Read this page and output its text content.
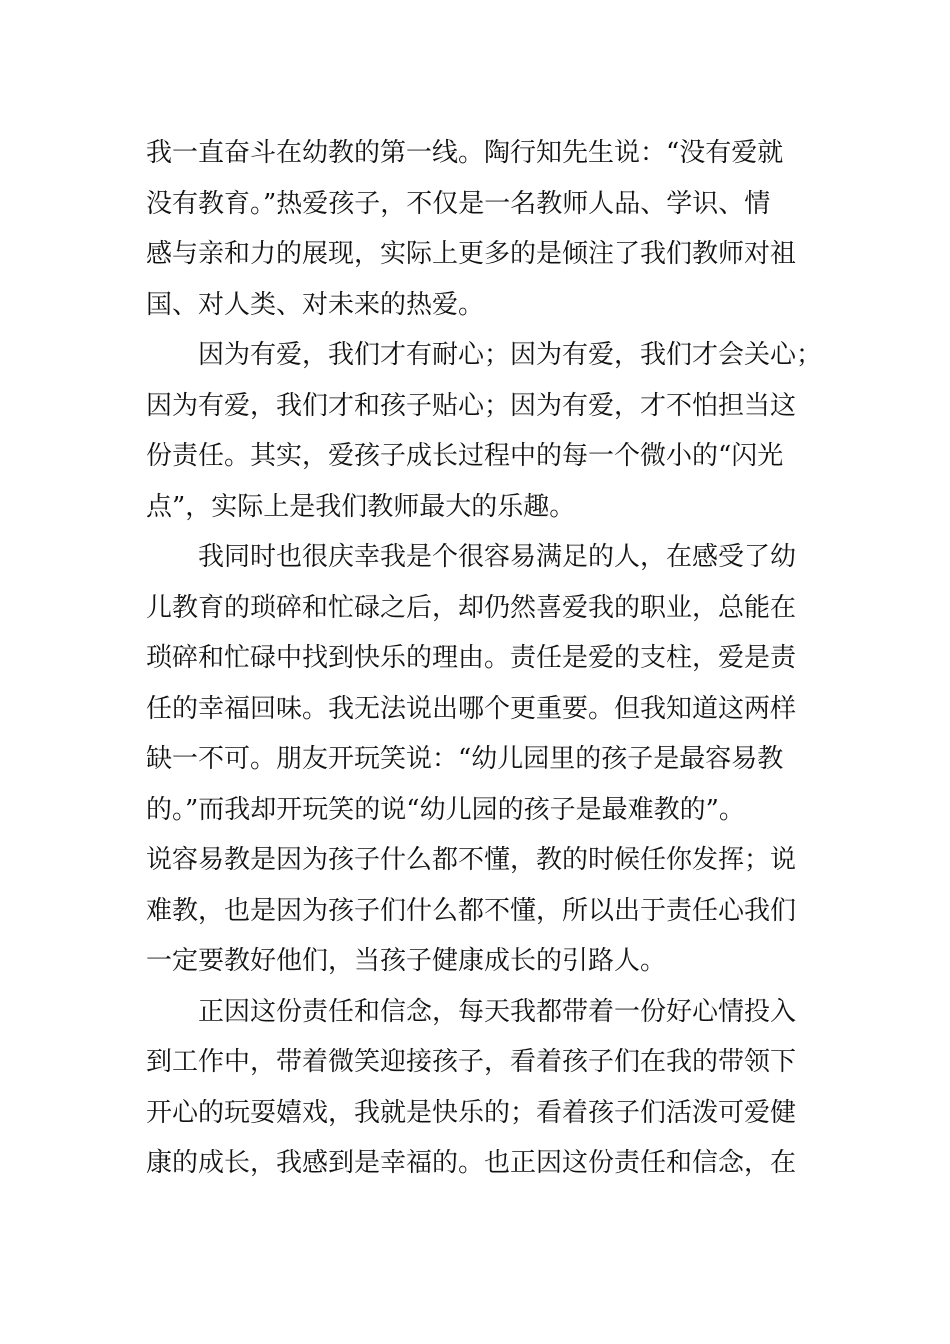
我一直奋斗在幼教的第一线。陶行知先生说：“没有爱就
没有教育。”热爱孩子，不仅是一名教师人品、学识、情
感与亲和力的展现，实际上更多的是倾注了我们教师对祖
国、对人类、对未来的热爱。
因为有爱，我们才有耐心；因为有爱，我们才会关心；
因为有爱，我们才和孩子贴心；因为有爱，才不怕担当这
份责任。其实，爱孩子成长过程中的每一个微小的“闪光
点”，实际上是我们教师最大的乐趣。
我同时也很庆幸我是个很容易满足的人，在感受了幼
儿教育的琐碎和忙碌之后，却仍然喜爱我的职业，总能在
琐碎和忙碌中找到快乐的理由。责任是爱的支柱，爱是责
任的幸福回味。我无法说出哪个更重要。但我知道这两样
缺一不可。朋友开玩笑说：“幼儿园里的孩子是最容易教
的。”而我却开玩笑的说“幼儿园的孩子是最难教的”。
说容易教是因为孩子什么都不懂，教的时候任你发挥；说
难教，也是因为孩子们什么都不懂，所以出于责任心我们
一定要教好他们，当孩子健康成长的引路人。
正因这份责任和信念，每天我都带着一份好心情投入
到工作中，带着微笑迎接孩子，看着孩子们在我的带领下
开心的玩耍嬉戏，我就是快乐的；看着孩子们活泼可爱健
康的成长，我感到是幸福的。也正因这份责任和信念，在
